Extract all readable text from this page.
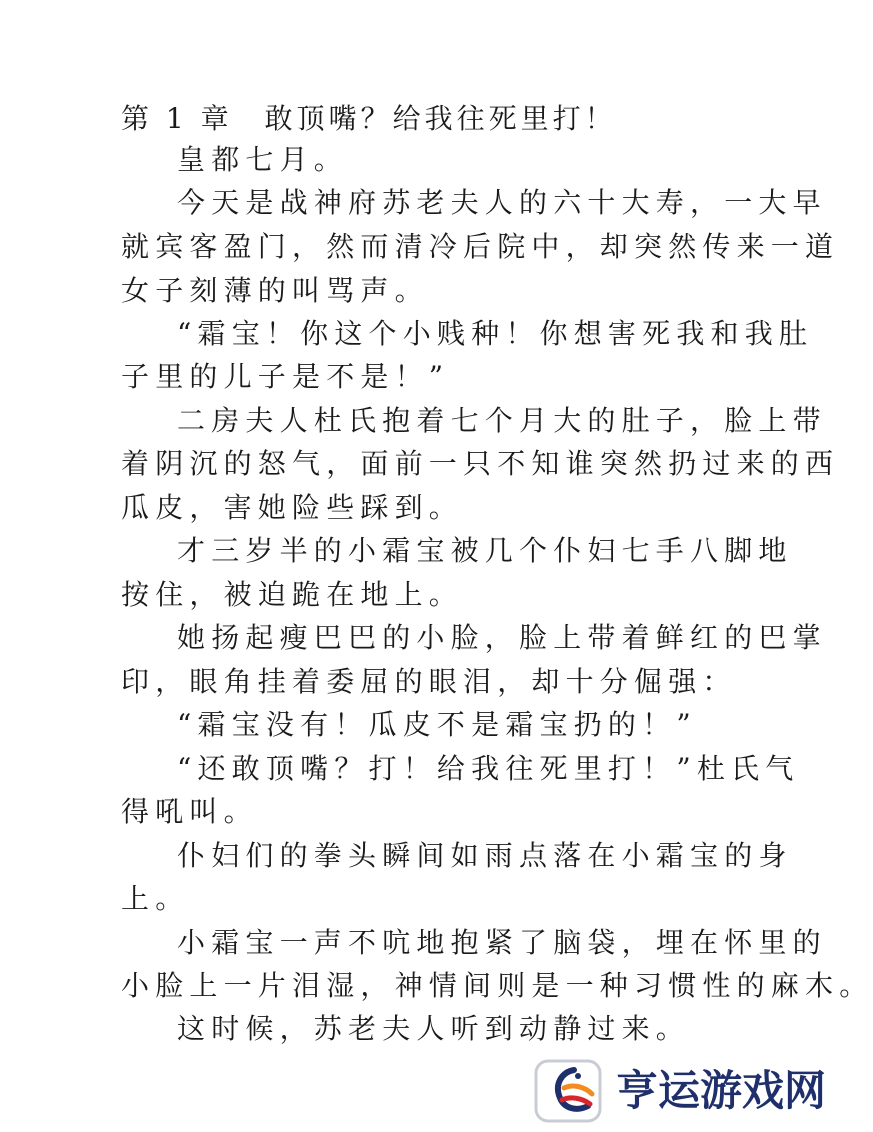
第 1 章　敢顶嘴？给我往死里打！
皇都七月。
今天是战神府苏老夫人的六十大寿，一大早
就宾客盈门，然而清冷后院中，却突然传来一道
女子刻薄的叫骂声。
“霜宝！你这个小贱种！你想害死我和我肚
子里的儿子是不是！”
二房夫人杜氏抱着七个月大的肚子，脸上带
着阴沉的怒气，面前一只不知谁突然扔过来的西
瓜皮，害她险些踩到。
才三岁半的小霜宝被几个仆妇七手八脚地
按住，被迫跪在地上。
她扬起瘦巴巴的小脸，脸上带着鲜红的巴掌
印，眼角挂着委屈的眼泪，却十分倔强：
“霜宝没有！瓜皮不是霜宝扔的！”
“还敢顶嘴？打！给我往死里打！”杜氏气
得吼叫。
仆妇们的拳头瞬间如雨点落在小霜宝的身
上。
小霜宝一声不吭地抱紧了脑袋，埋在怀里的
小脸上一片泪湿，神情间则是一种习惯性的麻木。
这时候，苏老夫人听到动静过来。
亨运游戏网
